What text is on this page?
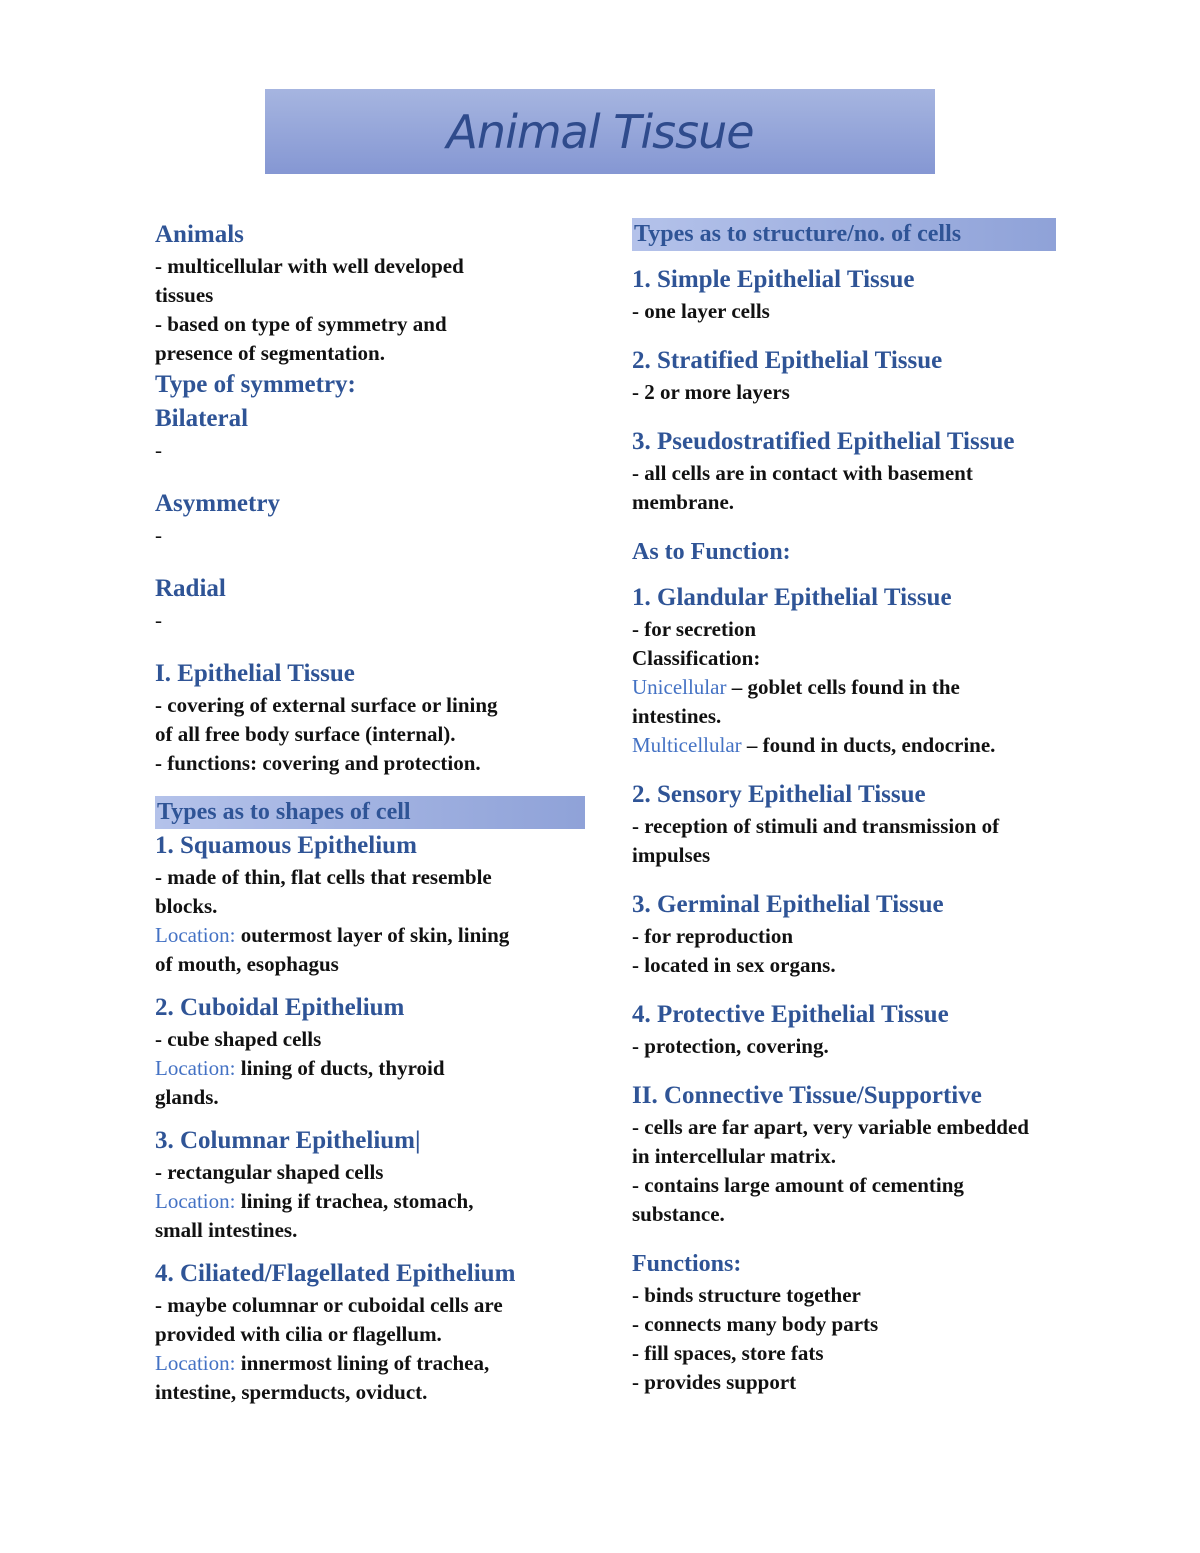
Animal Tissue
Animals
- multicellular with well developed
tissues
- based on type of symmetry and
presence of segmentation.
Type of symmetry:
Bilateral
-
Asymmetry
-
Radial
-
I. Epithelial Tissue
- covering of external surface or lining
of all free body surface (internal).
- functions: covering and protection.
Types as to shapes of cell
1. Squamous Epithelium
- made of thin, flat cells that resemble
blocks.
Location: outermost layer of skin, lining
of mouth, esophagus
2. Cuboidal Epithelium
- cube shaped cells
Location: lining of ducts, thyroid
glands.
3. Columnar Epithelium|
- rectangular shaped cells
Location: lining if trachea, stomach,
small intestines.
4. Ciliated/Flagellated Epithelium
- maybe columnar or cuboidal cells are
provided with cilia or flagellum.
Location: innermost lining of trachea,
intestine, spermducts, oviduct.
Types as to structure/no. of cells
1. Simple Epithelial Tissue
- one layer cells
2. Stratified Epithelial Tissue
- 2 or more layers
3. Pseudostratified Epithelial Tissue
- all cells are in contact with basement
membrane.
As to Function:
1. Glandular Epithelial Tissue
- for secretion
Classification:
Unicellular – goblet cells found in the
intestines.
Multicellular – found in ducts, endocrine.
2. Sensory Epithelial Tissue
- reception of stimuli and transmission of
impulses
3. Germinal Epithelial Tissue
- for reproduction
- located in sex organs.
4. Protective Epithelial Tissue
- protection, covering.
II. Connective Tissue/Supportive
- cells are far apart, very variable embedded
in intercellular matrix.
- contains large amount of cementing
substance.
Functions:
- binds structure together
- connects many body parts
- fill spaces, store fats
- provides support
